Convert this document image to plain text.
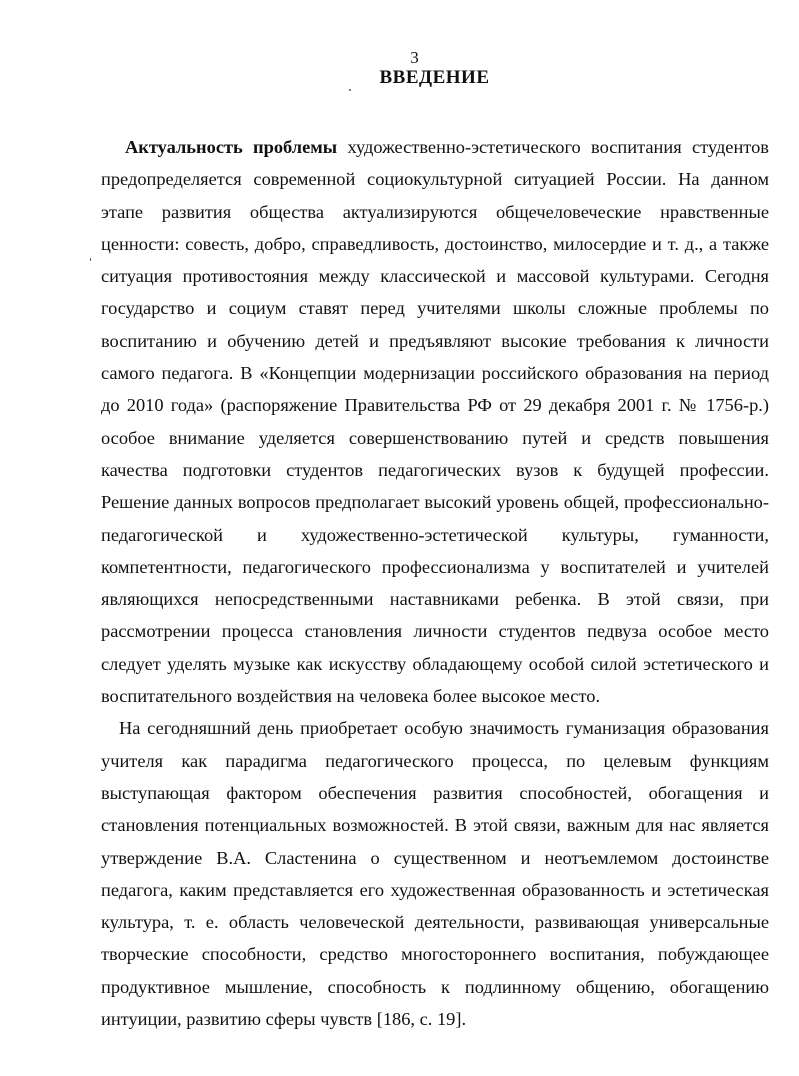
3
ВВЕДЕНИЕ

Актуальность проблемы художественно-эстетического воспитания студентов предопределяется современной социокультурной ситуацией России. На данном этапе развития общества актуализируются общечеловеческие нравственные ценности: совесть, добро, справедливость, достоинство, милосердие и т. д., а также ситуация противостояния между классической и массовой культурами. Сегодня государство и социум ставят перед учителями школы сложные проблемы по воспитанию и обучению детей и предъявляют высокие требования к личности самого педагога. В «Концепции модернизации российского образования на период до 2010 года» (распоряжение Правительства РФ от 29 декабря 2001 г. № 1756-р.) особое внимание уделяется совершенствованию путей и средств повышения качества подготовки студентов педагогических вузов к будущей профессии. Решение данных вопросов предполагает высокий уровень общей, профессионально-педагогической и художественно-эстетической культуры, гуманности, компетентности, педагогического профессионализма у воспитателей и учителей являющихся непосредственными наставниками ребенка. В этой связи, при рассмотрении процесса становления личности студентов педвуза особое место следует уделять музыке как искусству обладающему особой силой эстетического и воспитательного воздействия на человека более высокое место.

На сегодняшний день приобретает особую значимость гуманизация образования учителя как парадигма педагогического процесса, по целевым функциям выступающая фактором обеспечения развития способностей, обогащения и становления потенциальных возможностей. В этой связи, важным для нас является утверждение В.А. Сластенина о существенном и неотъемлемом достоинстве педагога, каким представляется его художественная образованность и эстетическая культура, т. е. область человеческой деятельности, развивающая универсальные творческие способности, средство многостороннего воспитания, побуждающее продуктивное мышление, способность к подлинному общению, обогащению интуиции, развитию сферы чувств [186, с. 19].
